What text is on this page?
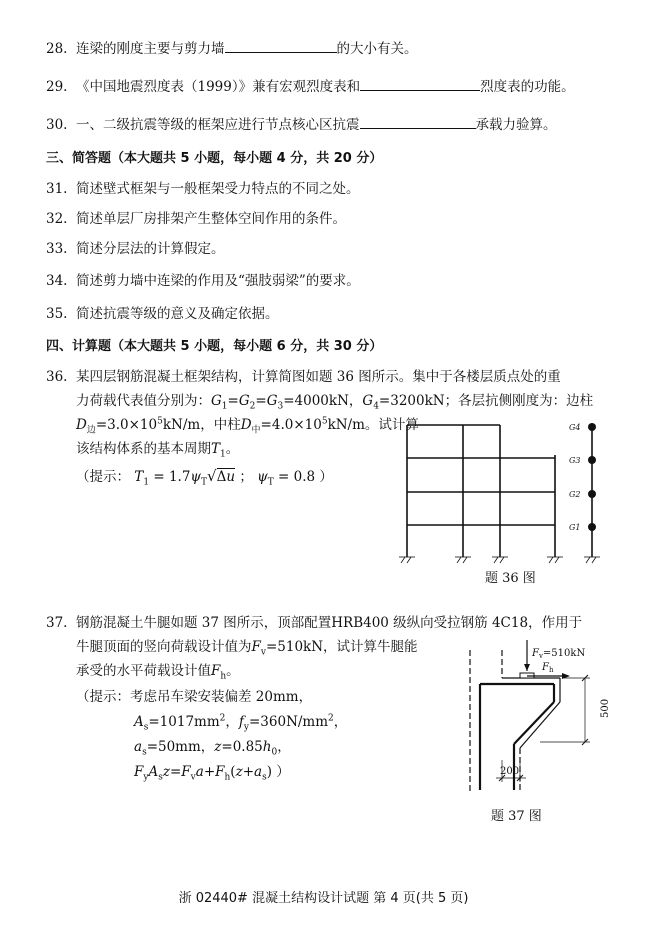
28. 连梁的刚度主要与剪力墙	的大小有关。
29. 《中国地震烈度表（1999）》兼有宏观烈度表和	烈度表的功能。
30. 一、二级抗震等级的框架应进行节点核心区抗震	承载力验算。
三、简答题（本大题共 5 小题，每小题 4 分，共 20 分）
31. 简述壁式框架与一般框架受力特点的不同之处。
32. 简述单层厂房排架产生整体空间作用的条件。
33. 简述分层法的计算假定。
34. 简述剪力墙中连梁的作用及“强肢弱梁”的要求。
35. 简述抗震等级的意义及确定依据。
四、计算题（本大题共 5 小题，每小题 6 分，共 30 分）
36. 某四层钢筋混凝土框架结构，计算简图如题 36 图所示。集中于各楼层质点处的重
力荷载代表值分别为：$G_1=G_2=G_3=4000kN$，$G_4=3200kN$；各层抗侧刚度为：边柱
$D_边=3.0\times 10^5kN/m$，中柱$D_中=4.0\times 10^5kN/m$。试计算
该结构体系的基本周期$T_1$。
（提示： $T_1 = 1.7\psi_T√\Delta u$ ； $\psi_T = 0.8$ ）
G4
G3
G2
G1
题 36 图
37. 钢筋混凝土牛腿如题 37 图所示，顶部配置HRB400 级纵向受拉钢筋 4C18，作用于
牛腿顶面的竖向荷载设计值为$F_v=510kN$，试计算牛腿能
承受的水平荷载设计值$F_h$。
（提示：考虑吊车梁安装偏差 20mm，
$A_s=1017mm^2$，$f_y=360N/mm^2$，
$a_s=50mm$，$z=0.85h_0$，
$F_yA_sz=F_va+F_h(z+a_s)$ ）
$F_v=510kN$
$F_h$
500
200
题 37 图
浙 02440# 混凝土结构设计试题 第 4 页(共 5 页)
